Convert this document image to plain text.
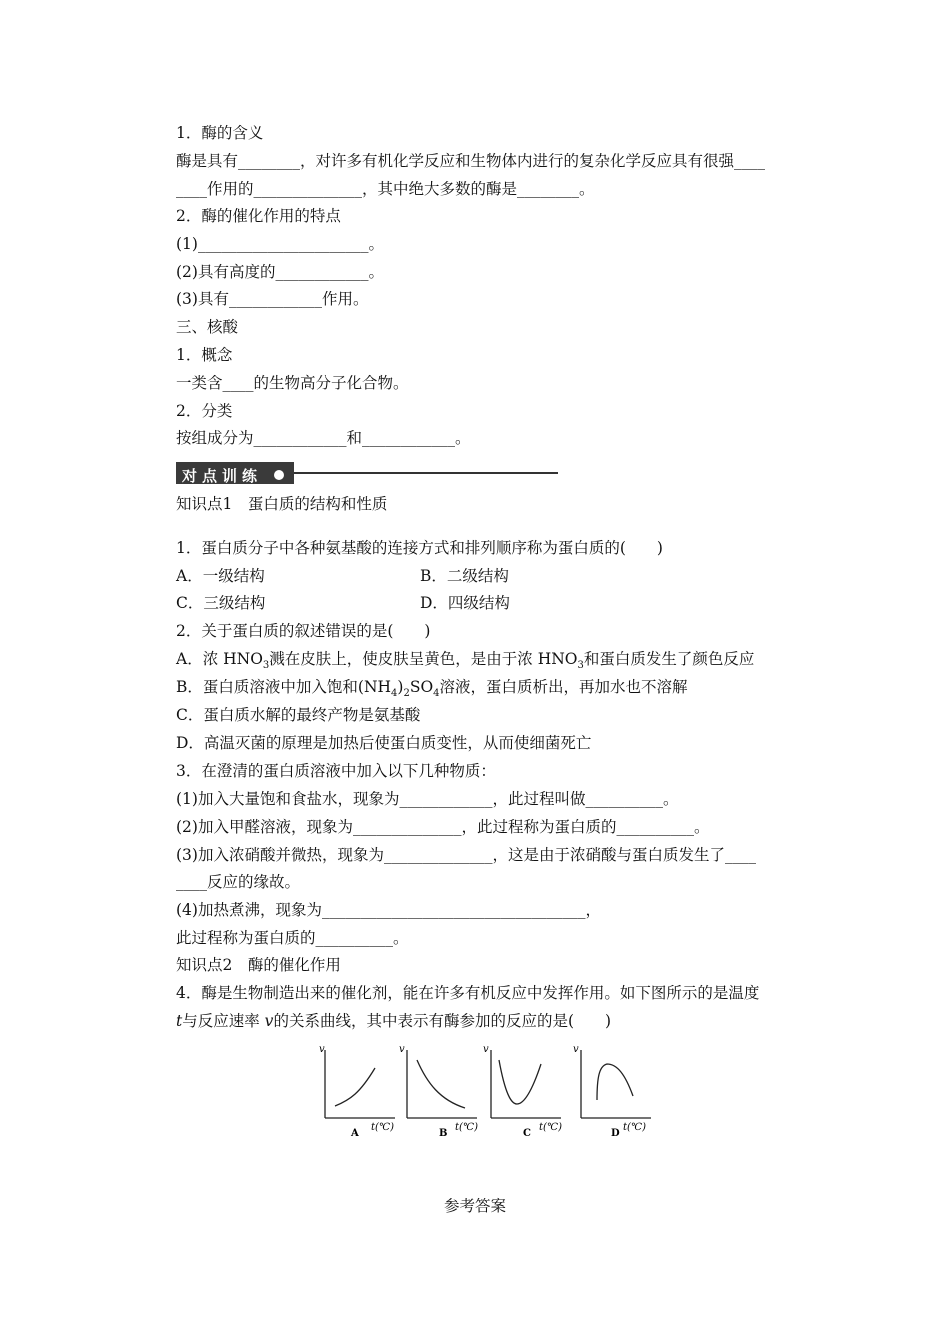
1．酶的含义
酶是具有________，对许多有机化学反应和生物体内进行的复杂化学反应具有很强____
____作用的______________，其中绝大多数的酶是________。
2．酶的催化作用的特点
(1)______________________。
(2)具有高度的____________。
(3)具有____________作用。
三、核酸
1．概念
一类含____的生物高分子化合物。
2．分类
按组成分为____________和____________。
对点训练
知识点1　蛋白质的结构和性质
1．蛋白质分子中各种氨基酸的连接方式和排列顺序称为蛋白质的(　　)
A．一级结构	B．二级结构
C．三级结构	D．四级结构
2．关于蛋白质的叙述错误的是(　　)
A．浓 $HNO_3$溅在皮肤上，使皮肤呈黄色，是由于浓 $HNO_3$和蛋白质发生了颜色反应
B．蛋白质溶液中加入饱和$(NH_4)_2SO_4$溶液，蛋白质析出，再加水也不溶解
C．蛋白质水解的最终产物是氨基酸
D．高温灭菌的原理是加热后使蛋白质变性，从而使细菌死亡
3．在澄清的蛋白质溶液中加入以下几种物质：
(1)加入大量饱和食盐水，现象为____________，此过程叫做__________。
(2)加入甲醛溶液，现象为______________，此过程称为蛋白质的__________。
(3)加入浓硝酸并微热，现象为______________，这是由于浓硝酸与蛋白质发生了____
____反应的缘故。
(4)加热煮沸，现象为__________________________________，
此过程称为蛋白质的__________。
知识点2　酶的催化作用
4．酶是生物制造出来的催化剂，能在许多有机反应中发挥作用。如下图所示的是温度
t与反应速率 v的关系曲线，其中表示有酶参加的反应的是(　　)
v
A
t(℃)
v
B
t(℃)
v
C
t(℃)
v
D
t(℃)
参考答案
